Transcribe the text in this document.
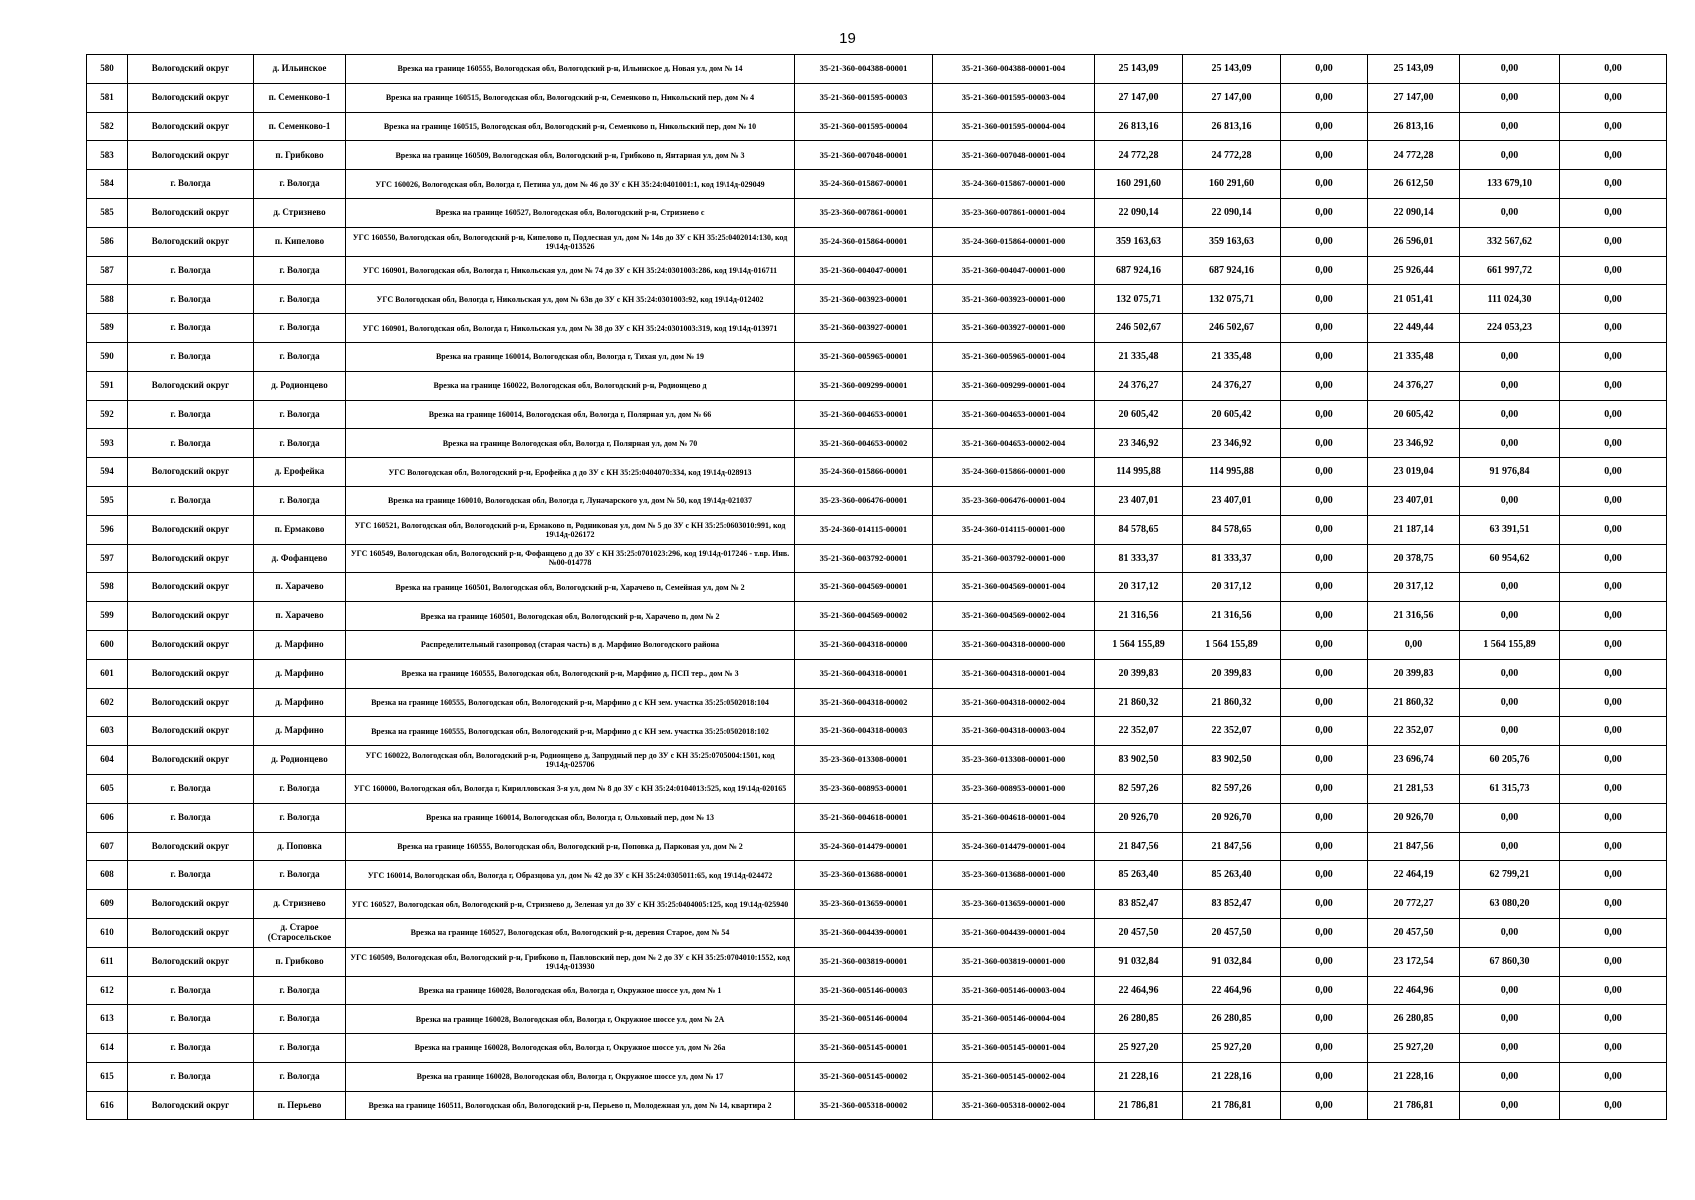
19
580	Вологодский округ	д. Ильинское	Врезка на границе 160555, Вологодская обл, Вологодский р-н, Ильинское д, Новая ул, дом № 14	35-21-360-004388-00001	35-21-360-004388-00001-004	25 143,09	25 143,09	0,00	25 143,09	0,00	0,00
581	Вологодский округ	п. Семенково-1	Врезка на границе 160515, Вологодская обл, Вологодский р-н, Семенково п, Никольский пер, дом № 4	35-21-360-001595-00003	35-21-360-001595-00003-004	27 147,00	27 147,00	0,00	27 147,00	0,00	0,00
582	Вологодский округ	п. Семенково-1	Врезка на границе 160515, Вологодская обл, Вологодский р-н, Семенково п, Никольский пер, дом № 10	35-21-360-001595-00004	35-21-360-001595-00004-004	26 813,16	26 813,16	0,00	26 813,16	0,00	0,00
583	Вологодский округ	п. Грибково	Врезка на границе 160509, Вологодская обл, Вологодский р-н, Грибково п, Янтарная ул, дом № 3	35-21-360-007048-00001	35-21-360-007048-00001-004	24 772,28	24 772,28	0,00	24 772,28	0,00	0,00
584	г. Вологда	г. Вологда	УГС 160026, Вологодская обл, Вологда г, Петина ул, дом № 46 до ЗУ с КН 35:24:0401001:1, код 19\14д-029049	35-24-360-015867-00001	35-24-360-015867-00001-000	160 291,60	160 291,60	0,00	26 612,50	133 679,10	0,00
585	Вологодский округ	д. Стризнево	Врезка на границе 160527, Вологодская обл, Вологодский р-н, Стризнево с	35-23-360-007861-00001	35-23-360-007861-00001-004	22 090,14	22 090,14	0,00	22 090,14	0,00	0,00
586	Вологодский округ	п. Кипелово	УГС 160550, Вологодская обл, Вологодский р-н, Кипелово п, Подлесная ул, дом № 14в до ЗУ с КН 35:25:0402014:130, код 19\14д-013526	35-24-360-015864-00001	35-24-360-015864-00001-000	359 163,63	359 163,63	0,00	26 596,01	332 567,62	0,00
587	г. Вологда	г. Вологда	УГС 160901, Вологодская обл, Вологда г, Никольская ул, дом № 74 до ЗУ с КН 35:24:0301003:286, код 19\14д-016711	35-21-360-004047-00001	35-21-360-004047-00001-000	687 924,16	687 924,16	0,00	25 926,44	661 997,72	0,00
588	г. Вологда	г. Вологда	УГС Вологодская обл, Вологда г, Никольская ул, дом № 63в до ЗУ с КН 35:24:0301003:92, код 19\14д-012402	35-21-360-003923-00001	35-21-360-003923-00001-000	132 075,71	132 075,71	0,00	21 051,41	111 024,30	0,00
589	г. Вологда	г. Вологда	УГС 160901, Вологодская обл, Вологда г, Никольская ул, дом № 38 до ЗУ с КН 35:24:0301003:319, код 19\14д-013971	35-21-360-003927-00001	35-21-360-003927-00001-000	246 502,67	246 502,67	0,00	22 449,44	224 053,23	0,00
590	г. Вологда	г. Вологда	Врезка на границе 160014, Вологодская обл, Вологда г, Тихая ул, дом № 19	35-21-360-005965-00001	35-21-360-005965-00001-004	21 335,48	21 335,48	0,00	21 335,48	0,00	0,00
591	Вологодский округ	д. Родионцево	Врезка на границе 160022, Вологодская обл, Вологодский р-н, Родионцево д	35-21-360-009299-00001	35-21-360-009299-00001-004	24 376,27	24 376,27	0,00	24 376,27	0,00	0,00
592	г. Вологда	г. Вологда	Врезка на границе 160014, Вологодская обл, Вологда г, Полярная ул, дом № 66	35-21-360-004653-00001	35-21-360-004653-00001-004	20 605,42	20 605,42	0,00	20 605,42	0,00	0,00
593	г. Вологда	г. Вологда	Врезка на границе Вологодская обл, Вологда г, Полярная ул, дом № 70	35-21-360-004653-00002	35-21-360-004653-00002-004	23 346,92	23 346,92	0,00	23 346,92	0,00	0,00
594	Вологодский округ	д. Ерофейка	УГС Вологодская обл, Вологодский р-н, Ерофейка д до ЗУ с КН 35:25:0404070:334, код 19\14д-028913	35-24-360-015866-00001	35-24-360-015866-00001-000	114 995,88	114 995,88	0,00	23 019,04	91 976,84	0,00
595	г. Вологда	г. Вологда	Врезка на границе 160010, Вологодская обл, Вологда г, Луначарского ул, дом № 50, код 19\14д-021037	35-23-360-006476-00001	35-23-360-006476-00001-004	23 407,01	23 407,01	0,00	23 407,01	0,00	0,00
596	Вологодский округ	п. Ермаково	УГС 160521, Вологодская обл, Вологодский р-н, Ермаково п, Родниковая ул, дом № 5 до ЗУ с КН 35:25:0603010:991, код 19\14д-026172	35-24-360-014115-00001	35-24-360-014115-00001-000	84 578,65	84 578,65	0,00	21 187,14	63 391,51	0,00
597	Вологодский округ	д. Фофанцево	УГС 160549, Вологодская обл, Вологодский р-н, Фофанцево д до ЗУ с КН 35:25:0701023:296, код 19\14д-017246 - т.вр. Инв.№00-014778	35-21-360-003792-00001	35-21-360-003792-00001-000	81 333,37	81 333,37	0,00	20 378,75	60 954,62	0,00
598	Вологодский округ	п. Харачево	Врезка на границе 160501, Вологодская обл, Вологодский р-н, Харачево п, Семейная ул, дом № 2	35-21-360-004569-00001	35-21-360-004569-00001-004	20 317,12	20 317,12	0,00	20 317,12	0,00	0,00
599	Вологодский округ	п. Харачево	Врезка на границе 160501, Вологодская обл, Вологодский р-н, Харачево п, дом № 2	35-21-360-004569-00002	35-21-360-004569-00002-004	21 316,56	21 316,56	0,00	21 316,56	0,00	0,00
600	Вологодский округ	д. Марфино	Распределительный газопровод (старая часть) в д. Марфино Вологодского района	35-21-360-004318-00000	35-21-360-004318-00000-000	1 564 155,89	1 564 155,89	0,00	0,00	1 564 155,89	0,00
601	Вологодский округ	д. Марфино	Врезка на границе 160555, Вологодская обл, Вологодский р-н, Марфино д, ПСП тер., дом № 3	35-21-360-004318-00001	35-21-360-004318-00001-004	20 399,83	20 399,83	0,00	20 399,83	0,00	0,00
602	Вологодский округ	д. Марфино	Врезка на границе 160555, Вологодская обл, Вологодский р-н, Марфино д с КН зем. участка 35:25:0502018:104	35-21-360-004318-00002	35-21-360-004318-00002-004	21 860,32	21 860,32	0,00	21 860,32	0,00	0,00
603	Вологодский округ	д. Марфино	Врезка на границе 160555, Вологодская обл, Вологодский р-н, Марфино д с КН зем. участка 35:25:0502018:102	35-21-360-004318-00003	35-21-360-004318-00003-004	22 352,07	22 352,07	0,00	22 352,07	0,00	0,00
604	Вологодский округ	д. Родионцево	УГС 160022, Вологодская обл, Вологодский р-н, Родионцево д, Запрудный пер до ЗУ с КН 35:25:0705004:1501, код 19\14д-025706	35-23-360-013308-00001	35-23-360-013308-00001-000	83 902,50	83 902,50	0,00	23 696,74	60 205,76	0,00
605	г. Вологда	г. Вологда	УГС 160000, Вологодская обл, Вологда г, Кирилловская 3-я ул, дом № 8 до ЗУ с КН 35:24:0104013:525, код 19\14д-020165	35-23-360-008953-00001	35-23-360-008953-00001-000	82 597,26	82 597,26	0,00	21 281,53	61 315,73	0,00
606	г. Вологда	г. Вологда	Врезка на границе 160014, Вологодская обл, Вологда г, Ольховый пер, дом № 13	35-21-360-004618-00001	35-21-360-004618-00001-004	20 926,70	20 926,70	0,00	20 926,70	0,00	0,00
607	Вологодский округ	д. Поповка	Врезка на границе 160555, Вологодская обл, Вологодский р-н, Поповка д, Парковая ул, дом № 2	35-24-360-014479-00001	35-24-360-014479-00001-004	21 847,56	21 847,56	0,00	21 847,56	0,00	0,00
608	г. Вологда	г. Вологда	УГС 160014, Вологодская обл, Вологда г, Образцова ул, дом № 42 до ЗУ с КН 35:24:0305011:65, код 19\14д-024472	35-23-360-013688-00001	35-23-360-013688-00001-000	85 263,40	85 263,40	0,00	22 464,19	62 799,21	0,00
609	Вологодский округ	д. Стризнево	УГС 160527, Вологодская обл, Вологодский р-н, Стризнево д, Зеленая ул до ЗУ с КН 35:25:0404005:125, код 19\14д-025940	35-23-360-013659-00001	35-23-360-013659-00001-000	83 852,47	83 852,47	0,00	20 772,27	63 080,20	0,00
610	Вологодский округ	д. Старое (Старосельское	Врезка на границе 160527, Вологодская обл, Вологодский р-н, деревня Старое, дом № 54	35-21-360-004439-00001	35-21-360-004439-00001-004	20 457,50	20 457,50	0,00	20 457,50	0,00	0,00
611	Вологодский округ	п. Грибково	УГС 160509, Вологодская обл, Вологодский р-н, Грибково п, Павловский пер, дом № 2 до ЗУ с КН 35:25:0704010:1552, код 19\14д-013930	35-21-360-003819-00001	35-21-360-003819-00001-000	91 032,84	91 032,84	0,00	23 172,54	67 860,30	0,00
612	г. Вологда	г. Вологда	Врезка на границе 160028, Вологодская обл, Вологда г, Окружное шоссе ул, дом № 1	35-21-360-005146-00003	35-21-360-005146-00003-004	22 464,96	22 464,96	0,00	22 464,96	0,00	0,00
613	г. Вологда	г. Вологда	Врезка на границе 160028, Вологодская обл, Вологда г, Окружное шоссе ул, дом № 2А	35-21-360-005146-00004	35-21-360-005146-00004-004	26 280,85	26 280,85	0,00	26 280,85	0,00	0,00
614	г. Вологда	г. Вологда	Врезка на границе 160028, Вологодская обл, Вологда г, Окружное шоссе ул, дом № 26а	35-21-360-005145-00001	35-21-360-005145-00001-004	25 927,20	25 927,20	0,00	25 927,20	0,00	0,00
615	г. Вологда	г. Вологда	Врезка на границе 160028, Вологодская обл, Вологда г, Окружное шоссе ул, дом № 17	35-21-360-005145-00002	35-21-360-005145-00002-004	21 228,16	21 228,16	0,00	21 228,16	0,00	0,00
616	Вологодский округ	п. Перьево	Врезка на границе 160511, Вологодская обл, Вологодский р-н, Перьево п, Молодежная ул, дом № 14, квартира 2	35-21-360-005318-00002	35-21-360-005318-00002-004	21 786,81	21 786,81	0,00	21 786,81	0,00	0,00
